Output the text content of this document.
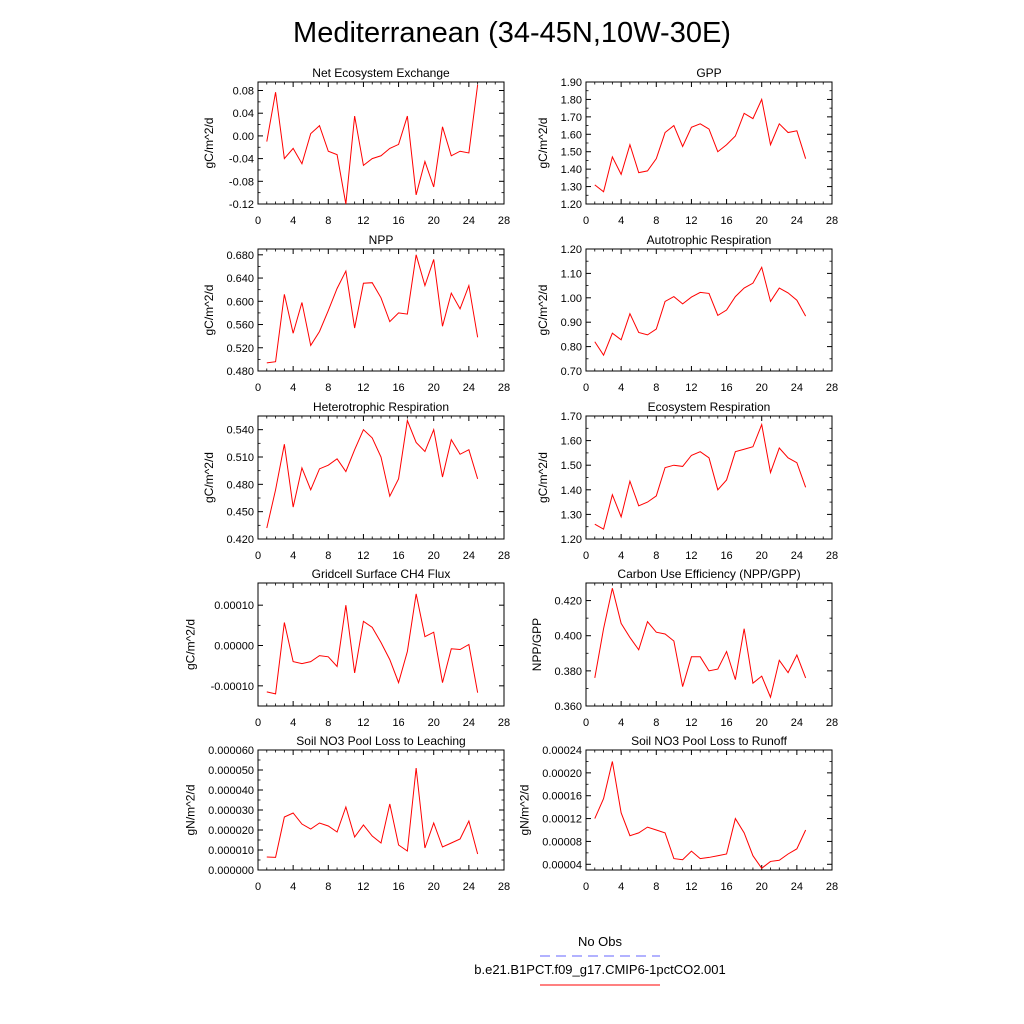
Mediterranean (34-45N,10W-30E)
Net Ecosystem Exchange
0	4	8 12 16 20 24 28
-0.12
-0.08
-0.04
0.00
0.04
0.08
gC/m^2/d
GPP
0	4	8 12 16 20 24 28
1.20
1.30
1.40
1.50
1.60
1.70
1.80
1.90
gC/m^2/d
NPP
0	4	8 12 16 20 24 28
0.480
0.520
0.560
0.600
0.640
0.680
gC/m^2/d
Autotrophic Respiration
0	4	8 12 16 20 24 28
0.70
0.80
0.90
1.00
1.10
1.20
gC/m^2/d
Heterotrophic Respiration
0	4	8 12 16 20 24 28
0.420
0.450
0.480
0.510
0.540
gC/m^2/d
Ecosystem Respiration
0	4	8 12 16 20 24 28
1.20
1.30
1.40
1.50
1.60
1.70
gC/m^2/d
Gridcell Surface CH4 Flux
0	4	8 12 16 20 24 28
-0.00010
0.00000
0.00010
gC/m^2/d
Carbon Use Efficiency (NPP/GPP)
0	4	8 12 16 20 24 28
0.360
0.380
0.400
0.420
NPP/GPP
Soil NO3 Pool Loss to Leaching
0	4	8 12 16 20 24 28
0.000000
0.000010
0.000020
0.000030
0.000040
0.000050
0.000060
gN/m^2/d
Soil NO3 Pool Loss to Runoff
0	4	8 12 16 20 24 28
0.00004
0.00008
0.00012
0.00016
0.00020
0.00024
gN/m^2/d
No Obs
b.e21.B1PCT.f09_g17.CMIP6-1pctCO2.001
